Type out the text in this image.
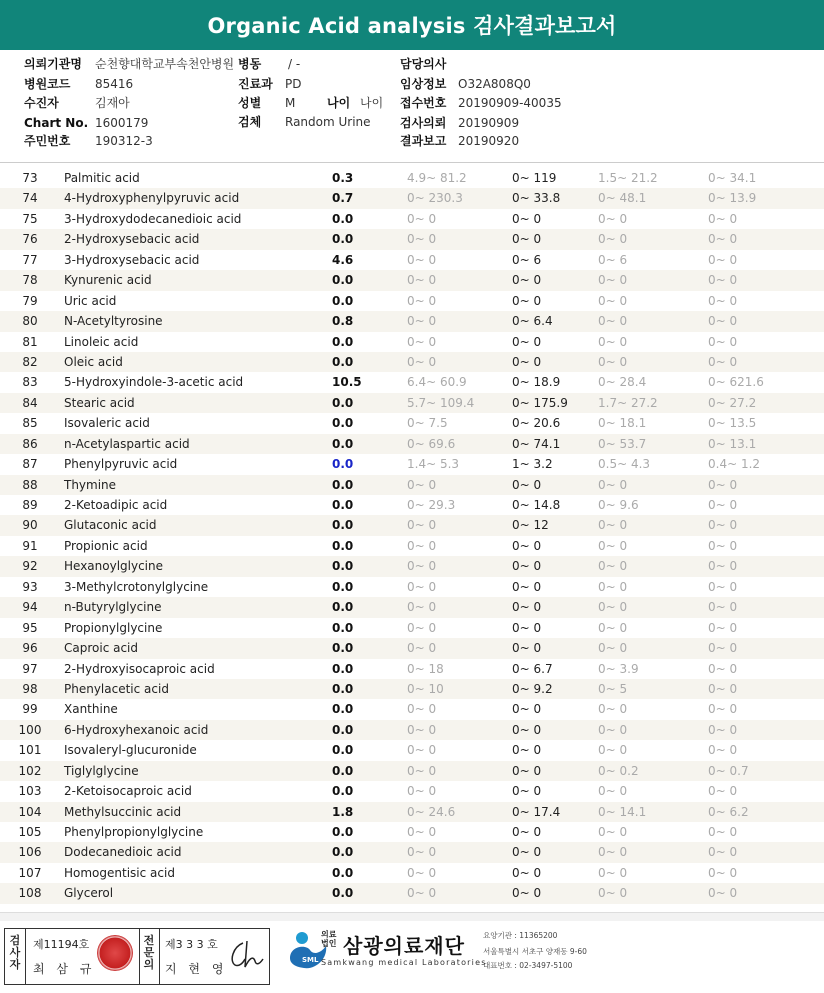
Organic Acid analysis 검사결과보고서
의뢰기관명 순천향대학교부속천안병원 병동 / -	담당의사
병원코드 85416	진료과 PD	임상정보 O32A808Q0
수진자	김재아	성별 M	나이 나이 접수번호 20190909-40035
Chart No. 1600179	검체 Random Urine 검사의뢰 20190909
주민번호 190312-3	결과보고 20190920
73	Palmitic acid	0.3	4.9~ 81.2	0~ 119	1.5~ 21.2	0~ 34.1
74	4-Hydroxyphenylpyruvic acid	0.7	0~ 230.3	0~ 33.8	0~ 48.1	0~ 13.9
75	3-Hydroxydodecanedioic acid	0.0	0~ 0	0~ 0	0~ 0	0~ 0
76	2-Hydroxysebacic acid	0.0	0~ 0	0~ 0	0~ 0	0~ 0
77	3-Hydroxysebacic acid	4.6	0~ 0	0~ 6	0~ 6	0~ 0
78	Kynurenic acid	0.0	0~ 0	0~ 0	0~ 0	0~ 0
79	Uric acid	0.0	0~ 0	0~ 0	0~ 0	0~ 0
80	N-Acetyltyrosine	0.8	0~ 0	0~ 6.4	0~ 0	0~ 0
81	Linoleic acid	0.0	0~ 0	0~ 0	0~ 0	0~ 0
82	Oleic acid	0.0	0~ 0	0~ 0	0~ 0	0~ 0
83	5-Hydroxyindole-3-acetic acid	10.5	6.4~ 60.9	0~ 18.9	0~ 28.4	0~ 621.6
84	Stearic acid	0.0	5.7~ 109.4	0~ 175.9	1.7~ 27.2	0~ 27.2
85	Isovaleric acid	0.0	0~ 7.5	0~ 20.6	0~ 18.1	0~ 13.5
86	n-Acetylaspartic acid	0.0	0~ 69.6	0~ 74.1	0~ 53.7	0~ 13.1
87	Phenylpyruvic acid	0.0	1.4~ 5.3	1~ 3.2	0.5~ 4.3	0.4~ 1.2
88	Thymine	0.0	0~ 0	0~ 0	0~ 0	0~ 0
89	2-Ketoadipic acid	0.0	0~ 29.3	0~ 14.8	0~ 9.6	0~ 0
90	Glutaconic acid	0.0	0~ 0	0~ 12	0~ 0	0~ 0
91	Propionic acid	0.0	0~ 0	0~ 0	0~ 0	0~ 0
92	Hexanoylglycine	0.0	0~ 0	0~ 0	0~ 0	0~ 0
93	3-Methylcrotonylglycine	0.0	0~ 0	0~ 0	0~ 0	0~ 0
94	n-Butyrylglycine	0.0	0~ 0	0~ 0	0~ 0	0~ 0
95	Propionylglycine	0.0	0~ 0	0~ 0	0~ 0	0~ 0
96	Caproic acid	0.0	0~ 0	0~ 0	0~ 0	0~ 0
97	2-Hydroxyisocaproic acid	0.0	0~ 18	0~ 6.7	0~ 3.9	0~ 0
98	Phenylacetic acid	0.0	0~ 10	0~ 9.2	0~ 5	0~ 0
99	Xanthine	0.0	0~ 0	0~ 0	0~ 0	0~ 0
100	6-Hydroxyhexanoic acid	0.0	0~ 0	0~ 0	0~ 0	0~ 0
101	Isovaleryl-glucuronide	0.0	0~ 0	0~ 0	0~ 0	0~ 0
102	Tiglylglycine	0.0	0~ 0	0~ 0	0~ 0.2	0~ 0.7
103	2-Ketoisocaproic acid	0.0	0~ 0	0~ 0	0~ 0	0~ 0
104	Methylsuccinic acid	1.8	0~ 24.6	0~ 17.4	0~ 14.1	0~ 6.2
105	Phenylpropionylglycine	0.0	0~ 0	0~ 0	0~ 0	0~ 0
106	Dodecanedioic acid	0.0	0~ 0	0~ 0	0~ 0	0~ 0
107	Homogentisic acid	0.0	0~ 0	0~ 0	0~ 0	0~ 0
108	Glycerol	0.0	0~ 0	0~ 0	0~ 0	0~ 0
검사자
제11194호
최 삼 규
전문의
제3 3 3 호
지 현 영
SML
의료법인 삼광의료재단
Samkwang medical Laboratories
요양기관 : 11365200
서울특별시 서초구 양재동 9-60
대표번호 : 02-3497-5100
